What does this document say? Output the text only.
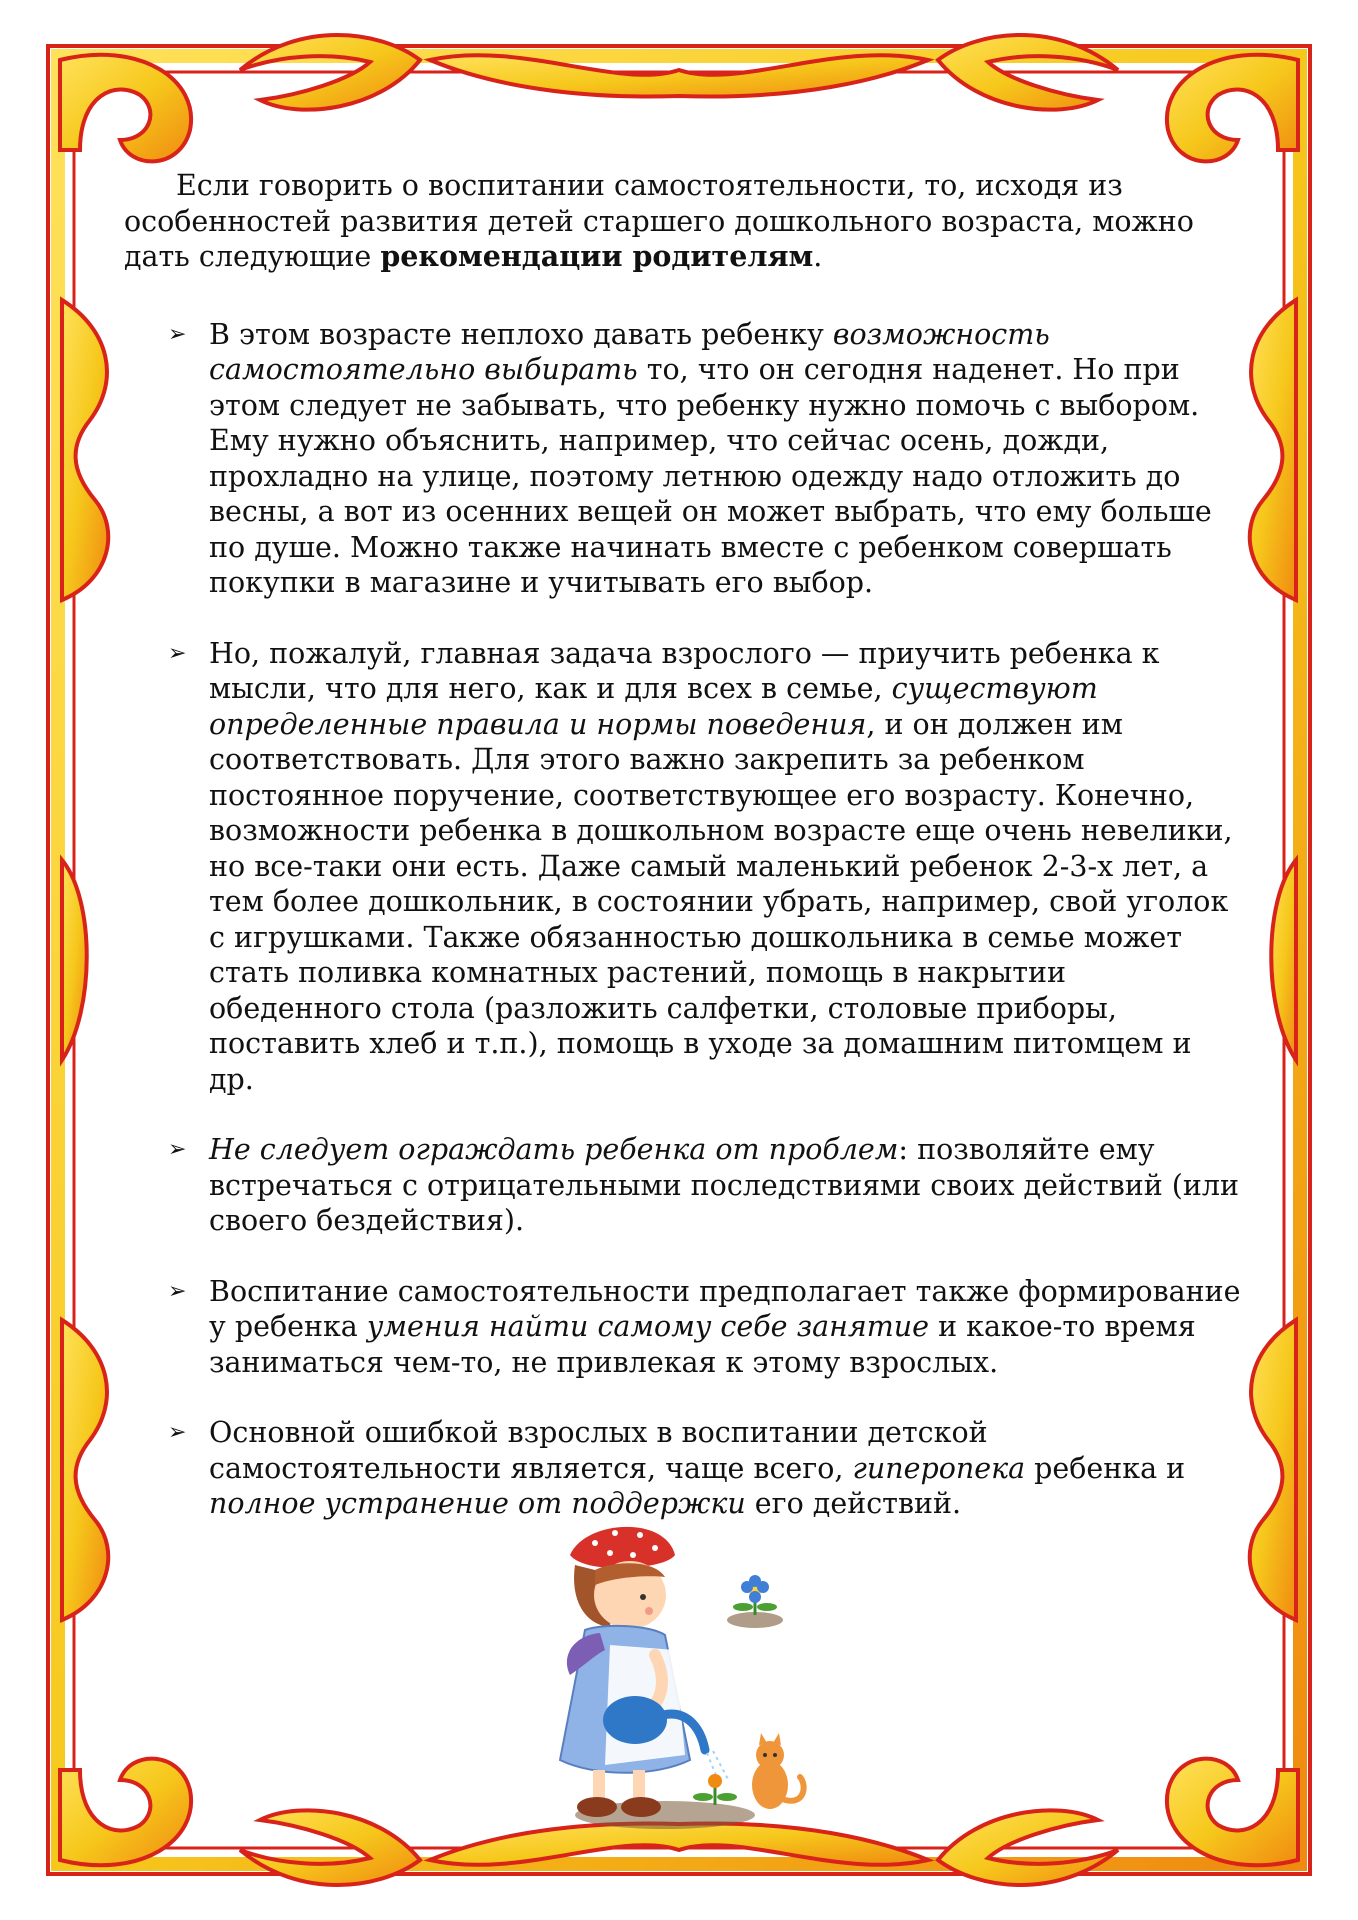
Если говорить о воспитании самостоятельности, то, исходя из особенностей развития детей старшего дошкольного возраста, можно дать следующие рекомендации родителям.

➢ В этом возрасте неплохо давать ребенку возможность самостоятельно выбирать то, что он сегодня наденет. Но при этом следует не забывать, что ребенку нужно помочь с выбором. Ему нужно объяснить, например, что сейчас осень, дожди, прохладно на улице, поэтому летнюю одежду надо отложить до весны, а вот из осенних вещей он может выбрать, что ему больше по душе. Можно также начинать вместе с ребенком совершать покупки в магазине и учитывать его выбор.
➢ Но, пожалуй, главная задача взрослого — приучить ребенка к мысли, что для него, как и для всех в семье, существуют определенные правила и нормы поведения, и он должен им соответствовать. Для этого важно закрепить за ребенком постоянное поручение, соответствующее его возрасту. Конечно, возможности ребенка в дошкольном возрасте еще очень невелики, но все-таки они есть. Даже самый маленький ребенок 2-3-х лет, а тем более дошкольник, в состоянии убрать, например, свой уголок с игрушками. Также обязанностью дошкольника в семье может стать поливка комнатных растений, помощь в накрытии обеденного стола (разложить салфетки, столовые приборы, поставить хлеб и т.п.), помощь в уходе за домашним питомцем и др.
➢ Не следует ограждать ребенка от проблем: позволяйте ему встречаться с отрицательными последствиями своих действий (или своего бездействия).
➢ Воспитание самостоятельности предполагает также формирование у ребенка умения найти самому себе занятие и какое-то время заниматься чем-то, не привлекая к этому взрослых.
➢ Основной ошибкой взрослых в воспитании детской самостоятельности является, чаще всего, гиперопека ребенка и полное устранение от поддержки его действий.
